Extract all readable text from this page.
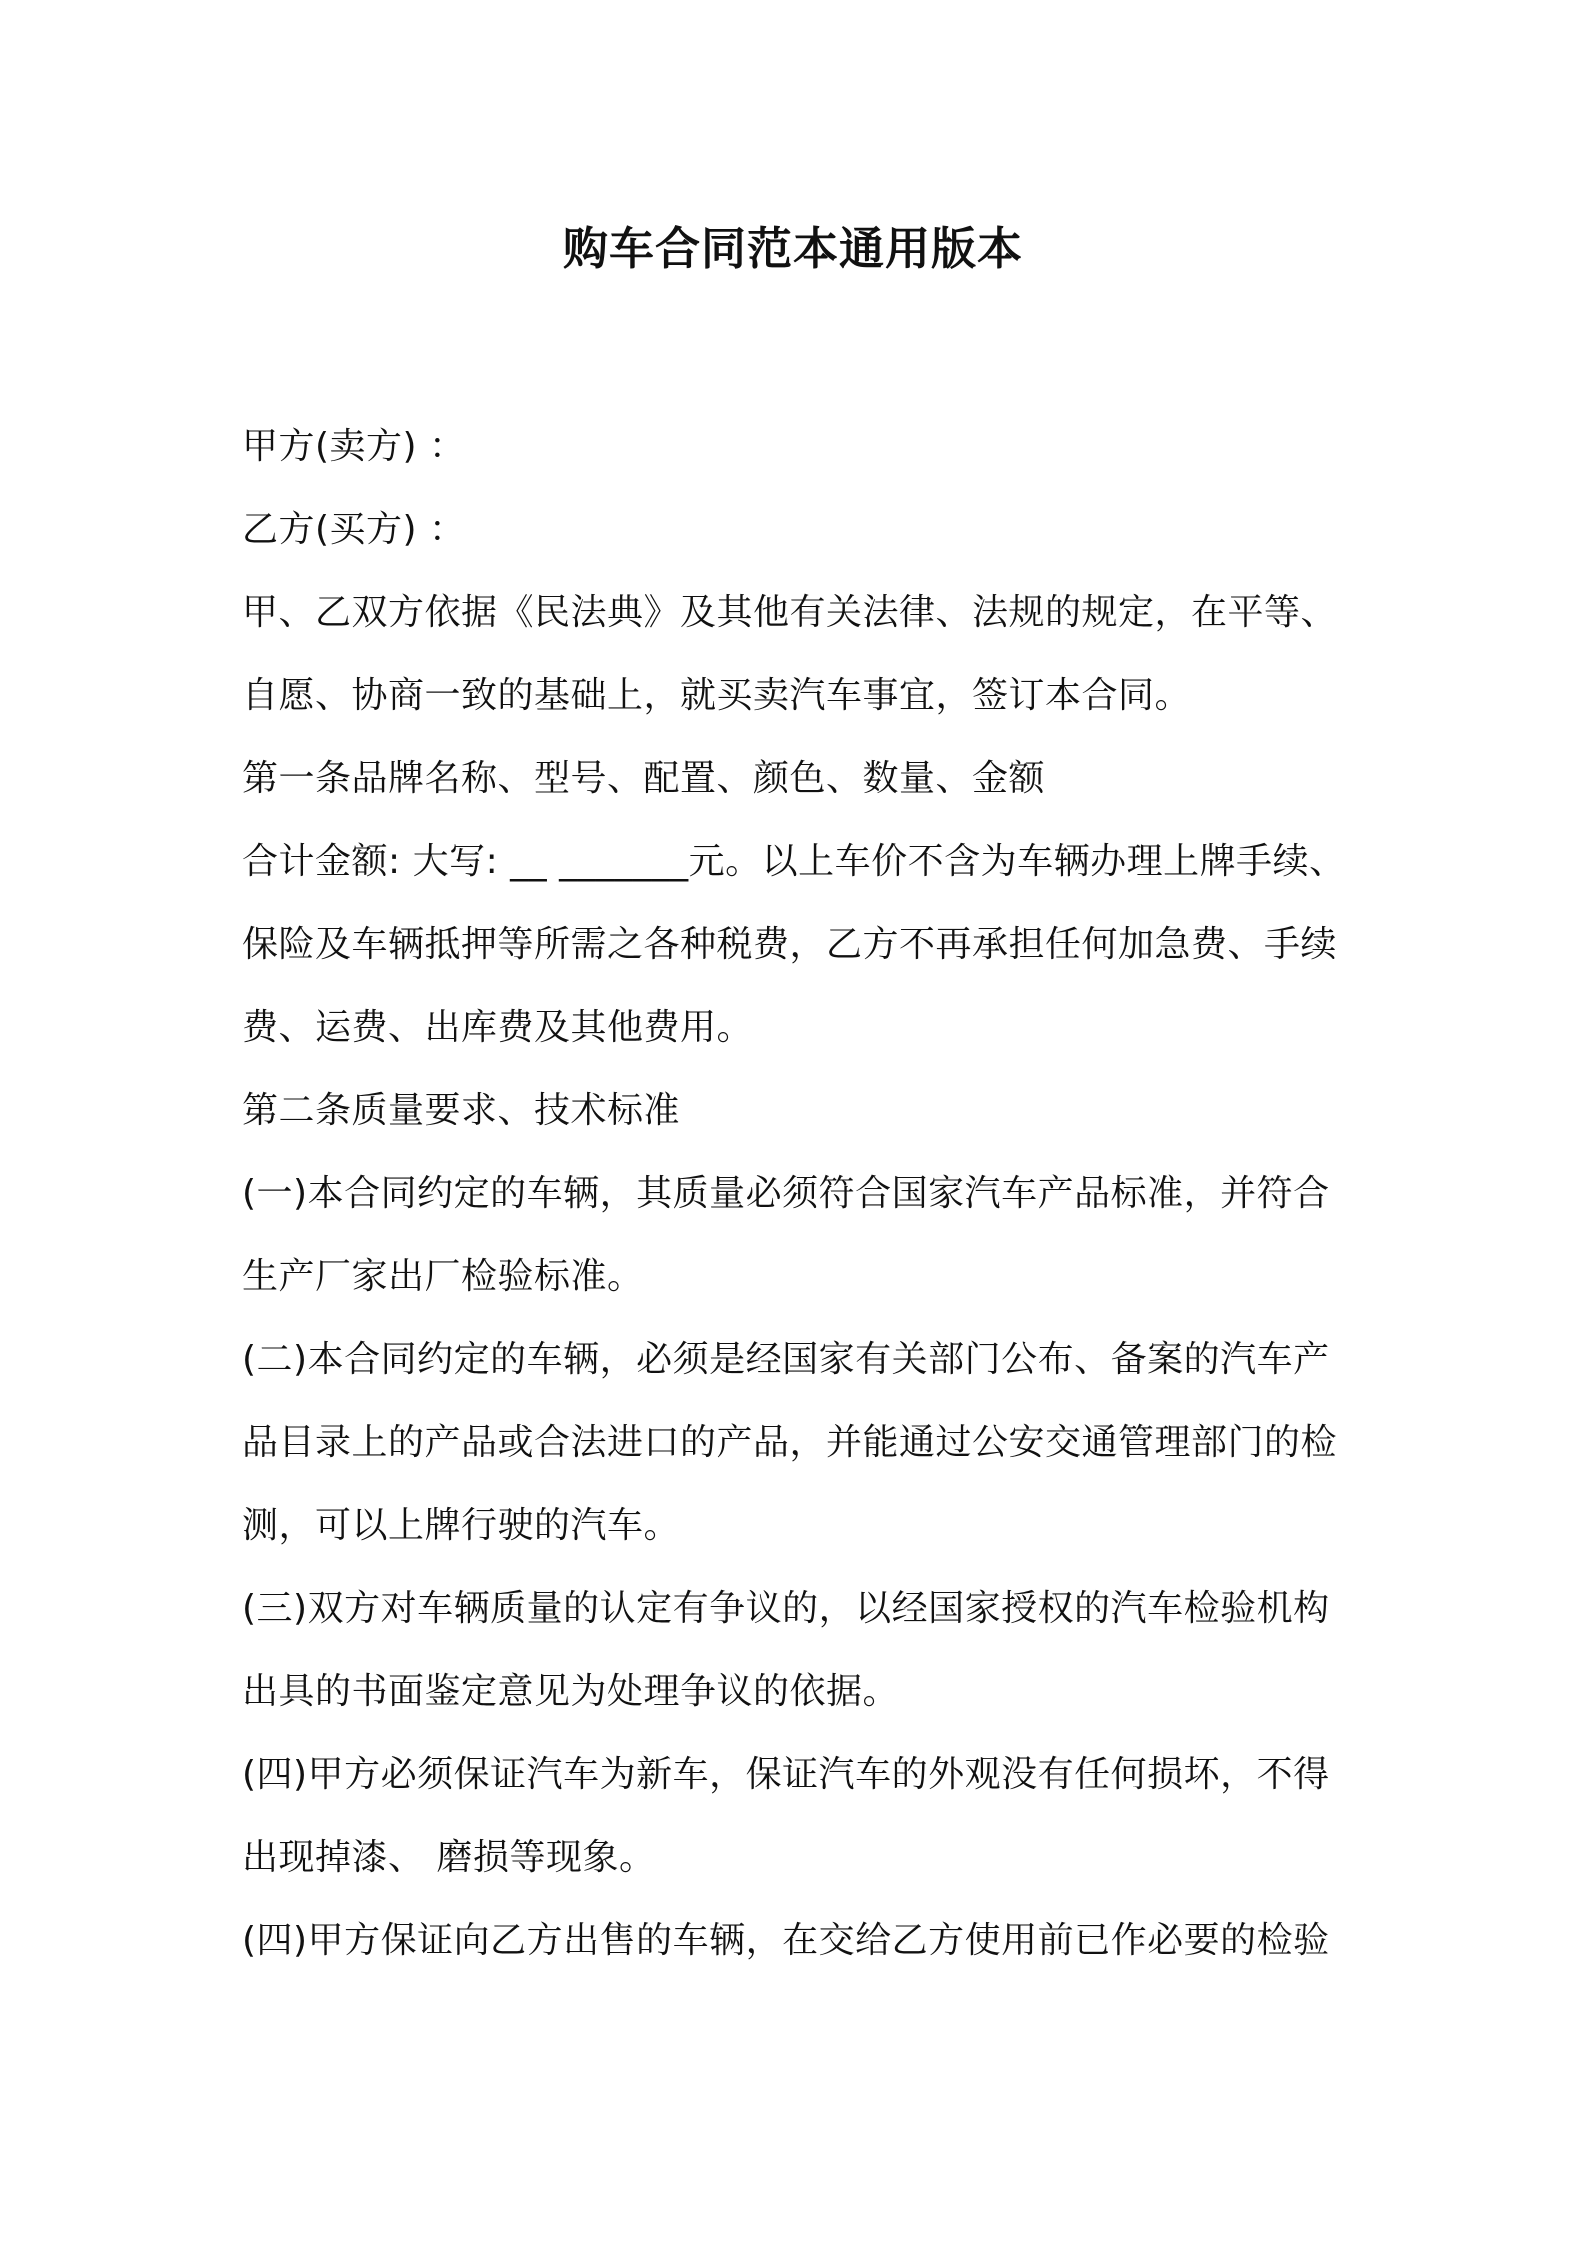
购车合同范本通用版本

甲方(卖方) ：

乙方(买方) ：

甲、乙双方依据《民法典》及其他有关法律、法规的规定，在平等、

自愿、协商一致的基础上，就买卖汽车事宜，签订本合同。

第一条品牌名称、型号、配置、颜色、数量、金额

合计金额: 大写: __ _______元。以上车价不含为车辆办理上牌手续、

保险及车辆抵押等所需之各种税费，乙方不再承担任何加急费、手续

费、运费、出库费及其他费用。

第二条质量要求、技术标准

(一)本合同约定的车辆，其质量必须符合国家汽车产品标准，并符合

生产厂家出厂检验标准。

(二)本合同约定的车辆，必须是经国家有关部门公布、备案的汽车产

品目录上的产品或合法进口的产品，并能通过公安交通管理部门的检

测，可以上牌行驶的汽车。

(三)双方对车辆质量的认定有争议的，以经国家授权的汽车检验机构

出具的书面鉴定意见为处理争议的依据。

(四)甲方必须保证汽车为新车，保证汽车的外观没有任何损坏，不得

出现掉漆、 磨损等现象。

(四)甲方保证向乙方出售的车辆，在交给乙方使用前已作必要的检验
